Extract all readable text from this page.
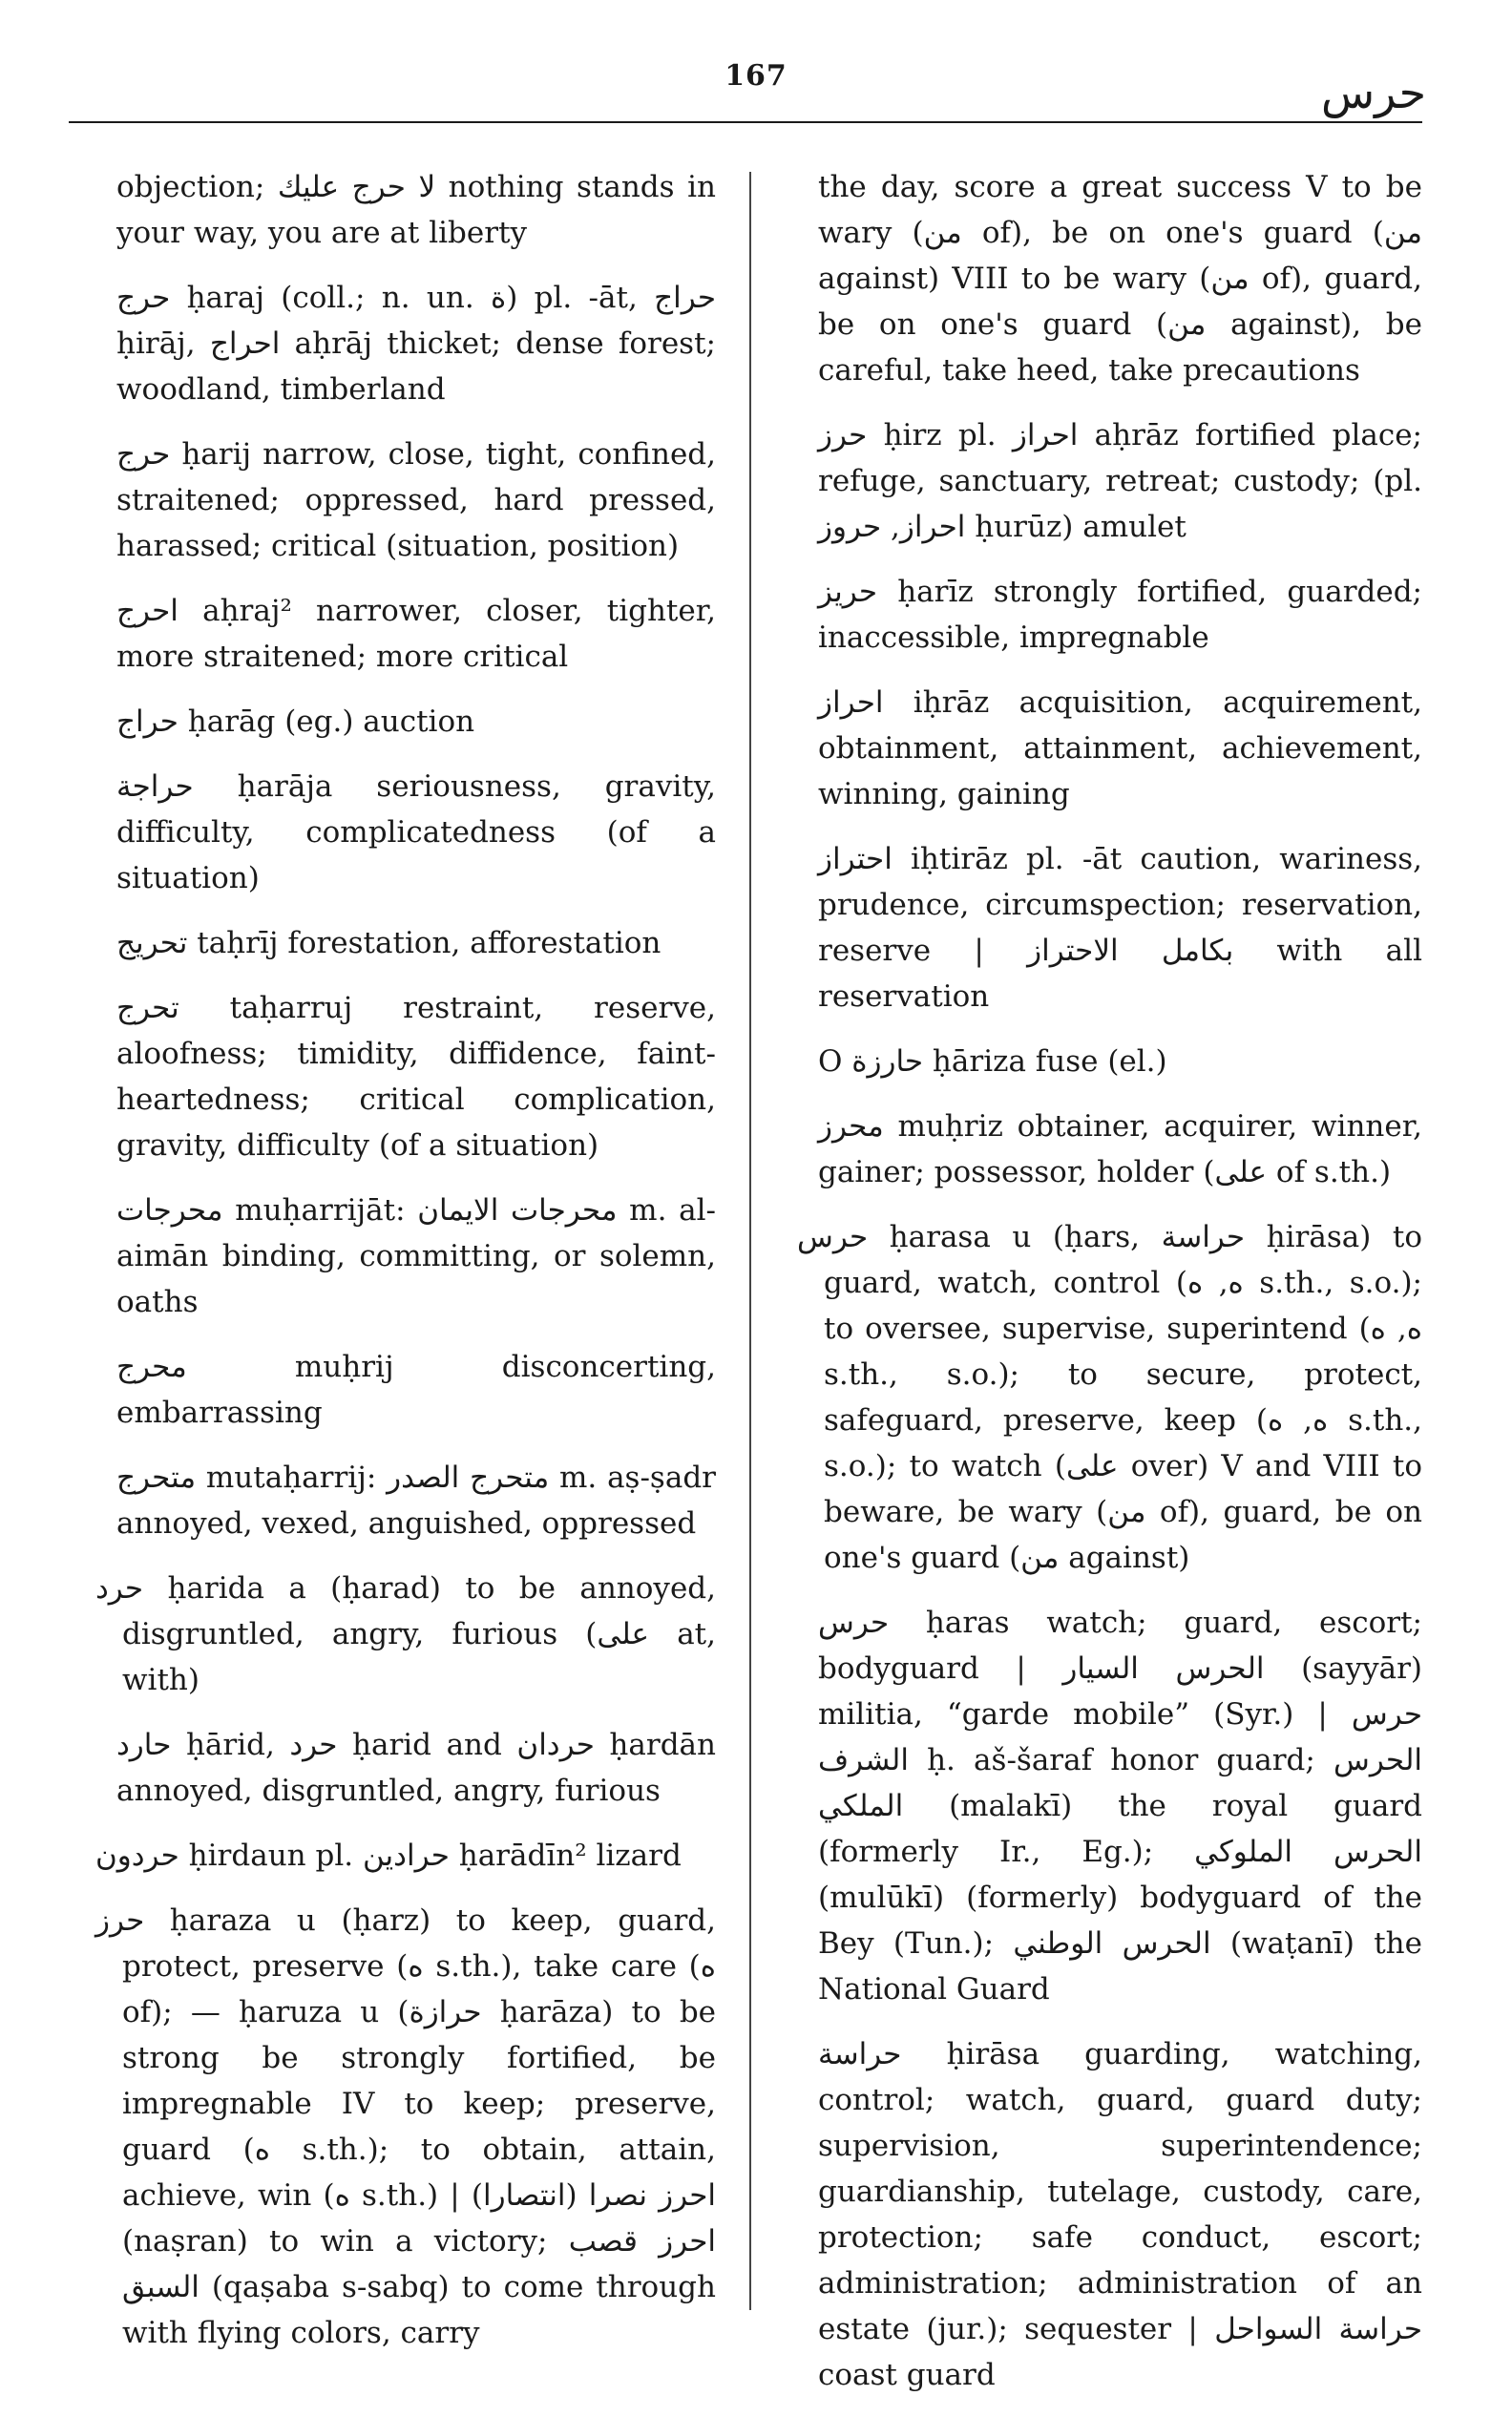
167	حرس

objection; لا حرج عليك nothing stands in your way, you are at liberty

حرج ḥaraj (coll.; n. un. ة) pl. -āt, حراج ḥirāj, احراج aḥrāj thicket; dense forest; woodland, timberland

حرج ḥarij narrow, close, tight, confined, straitened; oppressed, hard pressed, harassed; critical (situation, position)

احرج aḥraj² narrower, closer, tighter, more straitened; more critical

حراج ḥarāg (eg.) auction

حراجة ḥarāja seriousness, gravity, difficulty, complicatedness (of a situation)

تحريج taḥrīj forestation, afforestation

تحرج taḥarruj restraint, reserve, aloofness; timidity, diffidence, faint-heartedness; critical complication, gravity, difficulty (of a situation)

محرجات muḥarrijāt: محرجات الايمان m. al-aimān binding, committing, or solemn, oaths

محرج muḥrij disconcerting, embarrassing

متحرج mutaḥarrij: متحرج الصدر m. aṣ-ṣadr annoyed, vexed, anguished, oppressed

حرد ḥarida a (ḥarad) to be annoyed, disgruntled, angry, furious (على at, with)

حارد ḥārid, حرد ḥarid and حردان ḥardān annoyed, disgruntled, angry, furious

حردون ḥirdaun pl. حرادين ḥarādīn² lizard

حرز ḥaraza u (ḥarz) to keep, guard, protect, preserve (ه s.th.), take care (ه of); — ḥaruza u (حرازة ḥarāza) to be strong be strongly fortified, be impregnable IV to keep; preserve, guard (ه s.th.); to obtain, attain, achieve, win (ه s.th.) | احرز نصرا (انتصارا) (naṣran) to win a victory; احرز قصب السبق (qaṣaba s-sabq) to come through with flying colors, carry

the day, score a great success V to be wary (من of), be on one's guard (من against) VIII to be wary (من of), guard, be on one's guard (من against), be careful, take heed, take precautions

حرز ḥirz pl. احراز aḥrāz fortified place; refuge, sanctuary, retreat; custody; (pl. احراز, حروز ḥurūz) amulet

حريز ḥarīz strongly fortified, guarded; inaccessible, impregnable

احراز iḥrāz acquisition, acquirement, obtainment, attainment, achievement, winning, gaining

احتراز iḥtirāz pl. -āt caution, wariness, prudence, circumspection; reservation, reserve | بكامل الاحتراز with all reservation

O حارزة ḥāriza fuse (el.)

محرز muḥriz obtainer, acquirer, winner, gainer; possessor, holder (على of s.th.)

حرس ḥarasa u (ḥars, حراسة ḥirāsa) to guard, watch, control (ه, ه s.th., s.o.); to oversee, supervise, superintend (ه, ه s.th., s.o.); to secure, protect, safeguard, preserve, keep (ه, ه s.th., s.o.); to watch (على over) V and VIII to beware, be wary (من of), guard, be on one's guard (من against)

حرس ḥaras watch; guard, escort; bodyguard | الحرس السيار (sayyār) militia, “garde mobile” (Syr.) | حرس الشرف ḥ. aš-šaraf honor guard; الحرس الملكي (malakī) the royal guard (formerly Ir., Eg.); الحرس الملوكي (mulūkī) (formerly) bodyguard of the Bey (Tun.); الحرس الوطني (waṭanī) the National Guard

حراسة ḥirāsa guarding, watching, control; watch, guard, guard duty; supervision, superintendence; guardianship, tutelage, custody, care, protection; safe conduct, escort; administration; administration of an estate (jur.); sequester | حراسة السواحل coast guard
